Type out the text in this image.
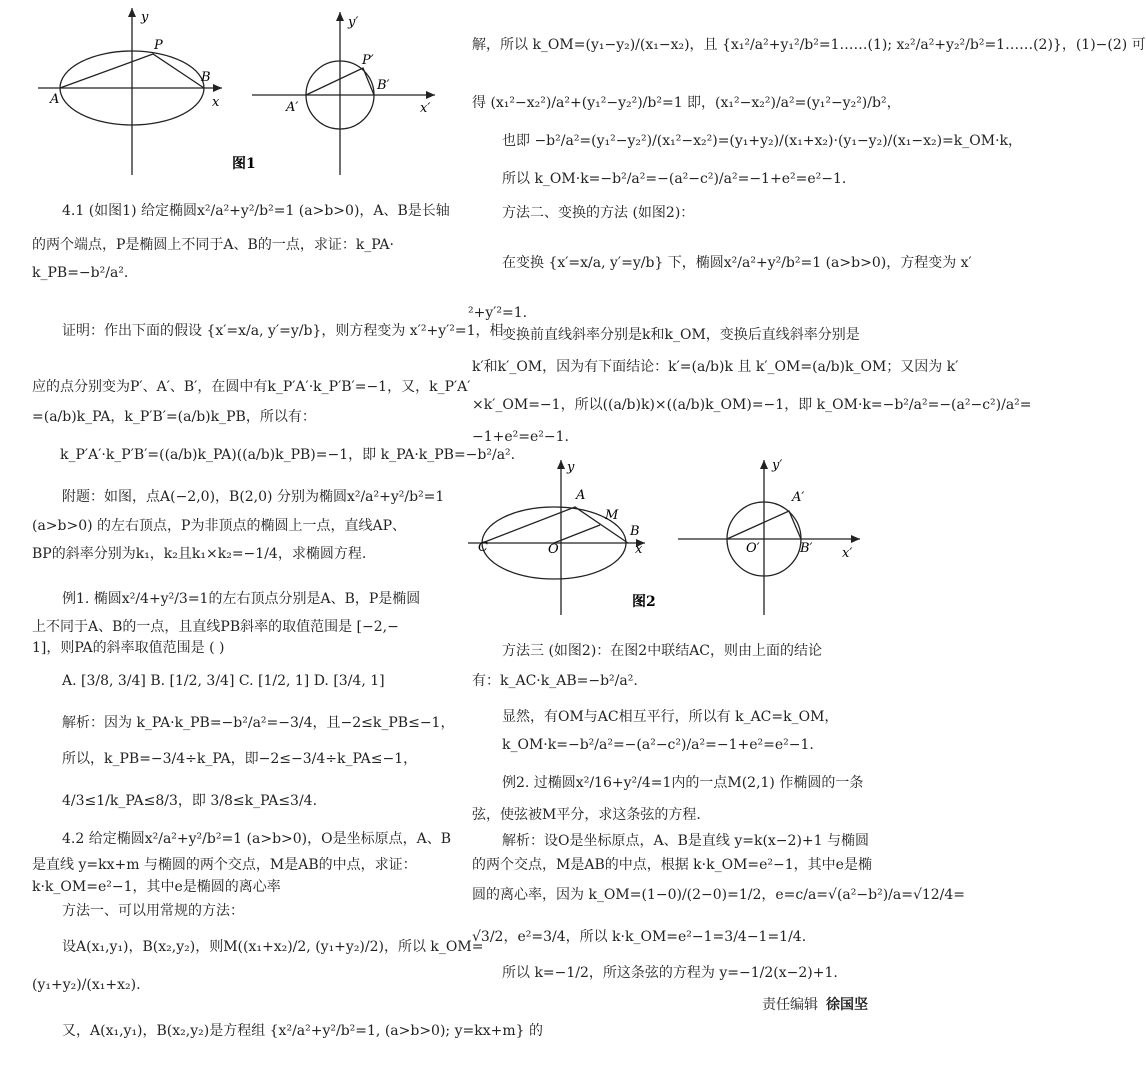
y
P
B
A	x
y′
P′
B′
A′	x′
图1
4.1 (如图1) 给定椭圆x²/a²+y²/b²=1 (a>b>0)，A、B是长轴
的两个端点，P是椭圆上不同于A、B的一点，求证：k_PA·
k_PB=−b²/a².
证明：作出下面的假设 {x′=x/a, y′=y/b}，则方程变为 x′²+y′²=1，相
应的点分别变为P′、A′、B′，在圆中有k_P′A′·k_P′B′=−1，又，k_P′A′
=(a/b)k_PA，k_P′B′=(a/b)k_PB，所以有：
k_P′A′·k_P′B′=((a/b)k_PA)((a/b)k_PB)=−1，即 k_PA·k_PB=−b²/a².
附题：如图，点A(−2,0)，B(2,0) 分别为椭圆x²/a²+y²/b²=1
(a>b>0) 的左右顶点，P为非顶点的椭圆上一点，直线AP、
BP的斜率分别为k₁，k₂且k₁×k₂=−1/4，求椭圆方程.
例1. 椭圆x²/4+y²/3=1的左右顶点分别是A、B，P是椭圆
上不同于A、B的一点，且直线PB斜率的取值范围是 [−2,−
1]，则PA的斜率取值范围是 ( )
A. [3/8, 3/4] B. [1/2, 3/4] C. [1/2, 1] D. [3/4, 1]
解析：因为 k_PA·k_PB=−b²/a²=−3/4，且−2≤k_PB≤−1，
所以，k_PB=−3/4÷k_PA，即−2≤−3/4÷k_PA≤−1，
4/3≤1/k_PA≤8/3，即 3/8≤k_PA≤3/4.
4.2 给定椭圆x²/a²+y²/b²=1 (a>b>0)，O是坐标原点，A、B
是直线 y=kx+m 与椭圆的两个交点，M是AB的中点，求证：
k·k_OM=e²−1，其中e是椭圆的离心率
方法一、可以用常规的方法：
设A(x₁,y₁)，B(x₂,y₂)，则M((x₁+x₂)/2, (y₁+y₂)/2)，所以 k_OM=
(y₁+y₂)/(x₁+x₂).
又，A(x₁,y₁)，B(x₂,y₂)是方程组 {x²/a²+y²/b²=1, (a>b>0); y=kx+m} 的
解，所以 k_OM=(y₁−y₂)/(x₁−x₂)，且 {x₁²/a²+y₁²/b²=1……(1); x₂²/a²+y₂²/b²=1……(2)}，(1)−(2) 可
得 (x₁²−x₂²)/a²+(y₁²−y₂²)/b²=1 即，(x₁²−x₂²)/a²=(y₁²−y₂²)/b²，
也即 −b²/a²=(y₁²−y₂²)/(x₁²−x₂²)=(y₁+y₂)/(x₁+x₂)·(y₁−y₂)/(x₁−x₂)=k_OM·k，
所以 k_OM·k=−b²/a²=−(a²−c²)/a²=−1+e²=e²−1.
方法二、变换的方法 (如图2)：
在变换 {x′=x/a, y′=y/b} 下，椭圆x²/a²+y²/b²=1 (a>b>0)，方程变为 x′
²+y′²=1.
变换前直线斜率分别是k和k_OM，变换后直线斜率分别是
k′和k′_OM，因为有下面结论：k′=(a/b)k 且 k′_OM=(a/b)k_OM；又因为 k′
×k′_OM=−1，所以((a/b)k)×((a/b)k_OM)=−1，即 k_OM·k=−b²/a²=−(a²−c²)/a²=
−1+e²=e²−1.
y
A
M
B
C	O	x
y′
A′
O′	B′ x′
图2
方法三 (如图2)：在图2中联结AC，则由上面的结论
有：k_AC·k_AB=−b²/a².
显然，有OM与AC相互平行，所以有 k_AC=k_OM，
k_OM·k=−b²/a²=−(a²−c²)/a²=−1+e²=e²−1.
例2. 过椭圆x²/16+y²/4=1内的一点M(2,1) 作椭圆的一条
弦，使弦被M平分，求这条弦的方程.
解析：设O是坐标原点，A、B是直线 y=k(x−2)+1 与椭圆
的两个交点，M是AB的中点，根据 k·k_OM=e²−1，其中e是椭
圆的离心率，因为 k_OM=(1−0)/(2−0)=1/2，e=c/a=√(a²−b²)/a=√12/4=
√3/2，e²=3/4，所以 k·k_OM=e²−1=3/4−1=1/4.
所以 k=−1/2，所这条弦的方程为 y=−1/2(x−2)+1.
责任编辑 徐国坚
